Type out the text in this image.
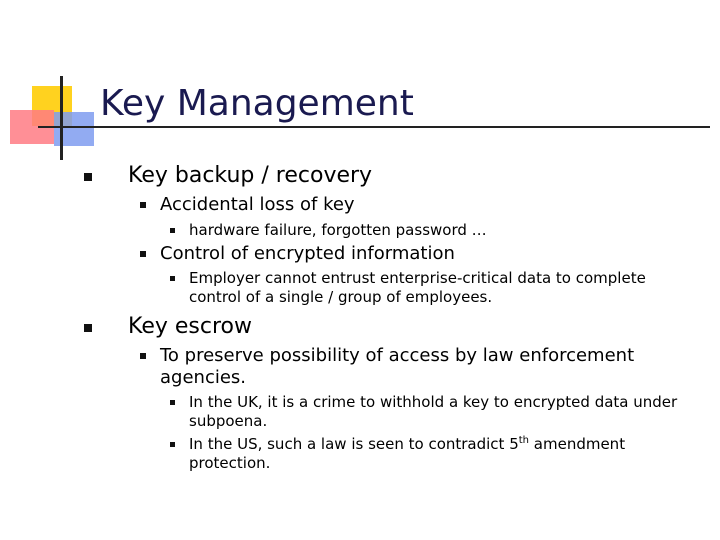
Key Management
Key backup / recovery
Accidental loss of key
hardware failure, forgotten password …
Control of encrypted information
Employer cannot entrust enterprise-critical data to complete control of a single / group of employees.
Key escrow
To preserve possibility of access by law enforcement agencies.
In the UK, it is a crime to withhold a key to encrypted data under subpoena.
In the US, such a law is seen to contradict 5th amendment protection.
